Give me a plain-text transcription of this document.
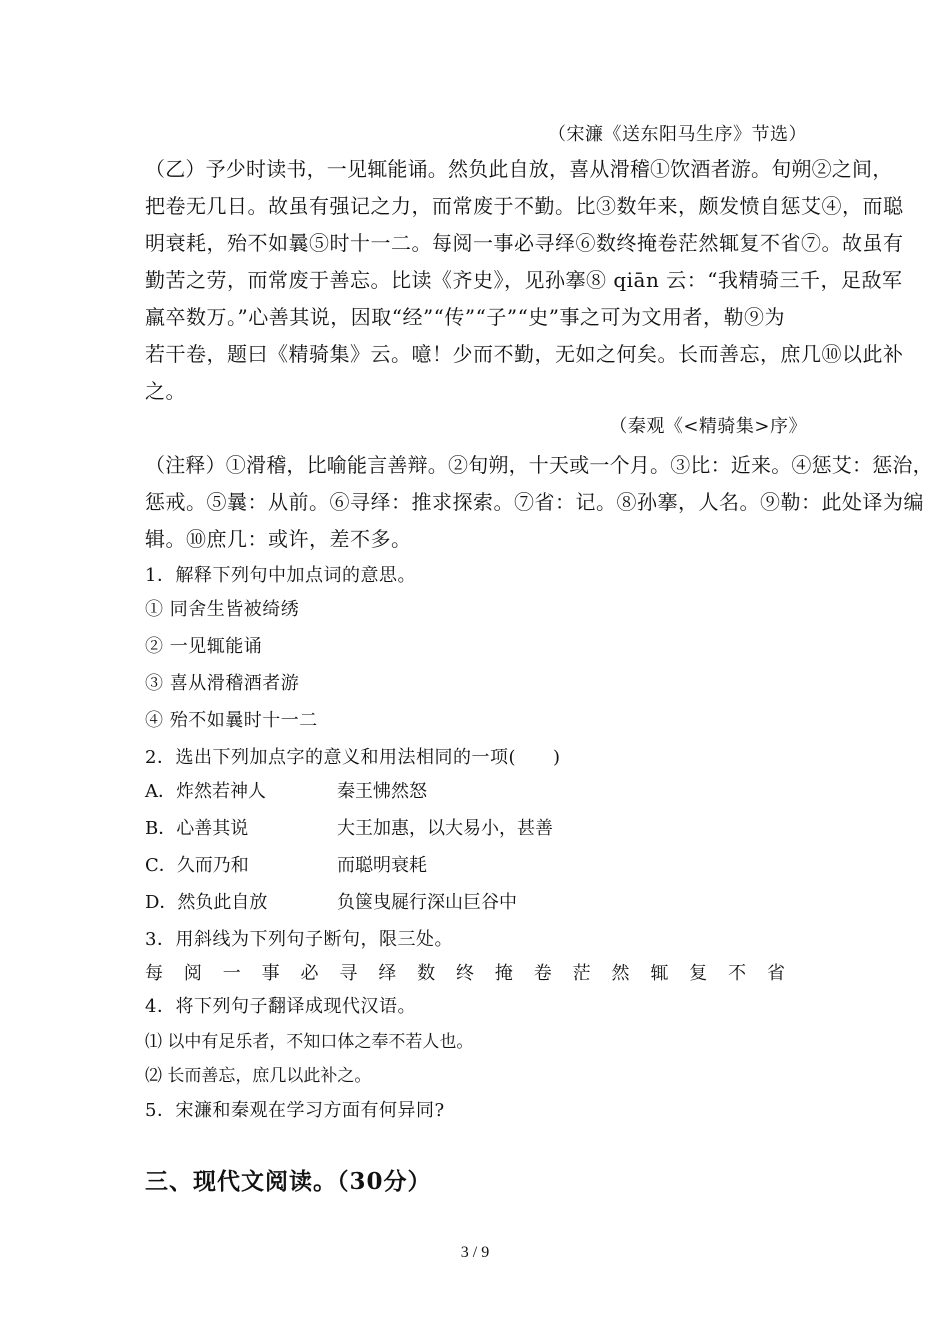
（宋濂《送东阳马生序》节选）
（乙）予少时读书，一见辄能诵。然负此自放，喜从滑稽①饮酒者游。旬朔②之间，
把卷无几日。故虽有强记之力，而常废于不勤。比③数年来，颇发愤自惩艾④，而聪
明衰耗，殆不如曩⑤时十一二。每阅一事必寻绎⑥数终掩卷茫然辄复不省⑦。故虽有
勤苦之劳，而常废于善忘。比读《齐史》，见孙搴⑧ qiān 云：“我精骑三千，足敌军
羸卒数万。”心善其说，因取“经”“传”“子”“史”事之可为文用者，勒⑨为
若干卷，题曰《精骑集》云。噫！少而不勤，无如之何矣。长而善忘，庶几⑩以此补
之。
（秦观《<精骑集>序》
（注释）①滑稽，比喻能言善辩。②旬朔，十天或一个月。③比：近来。④惩艾：惩治，
惩戒。⑤曩：从前。⑥寻绎：推求探索。⑦省：记。⑧孙搴，人名。⑨勒：此处译为编
辑。⑩庶几：或许，差不多。
1．解释下列句中加点词的意思。
① 同舍生皆被绮绣
② 一见辄能诵
③ 喜从滑稽酒者游
④ 殆不如曩时十一二
2．选出下列加点字的意义和用法相同的一项(　　)
A．炸然若神人	秦王怫然怒
B．心善其说	大王加惠，以大易小，甚善
C．久而乃和	而聪明衰耗
D．然负此自放	负箧曳屣行深山巨谷中
3．用斜线为下列句子断句，限三处。
每 阅 一 事 必 寻 绎 数 终 掩 卷 茫 然 辄 复 不 省
4．将下列句子翻译成现代汉语。
⑴ 以中有足乐者，不知口体之奉不若人也。
⑵ 长而善忘，庶几以此补之。
5．宋濂和秦观在学习方面有何异同?
三、现代文阅读。（30分）
3 / 9
